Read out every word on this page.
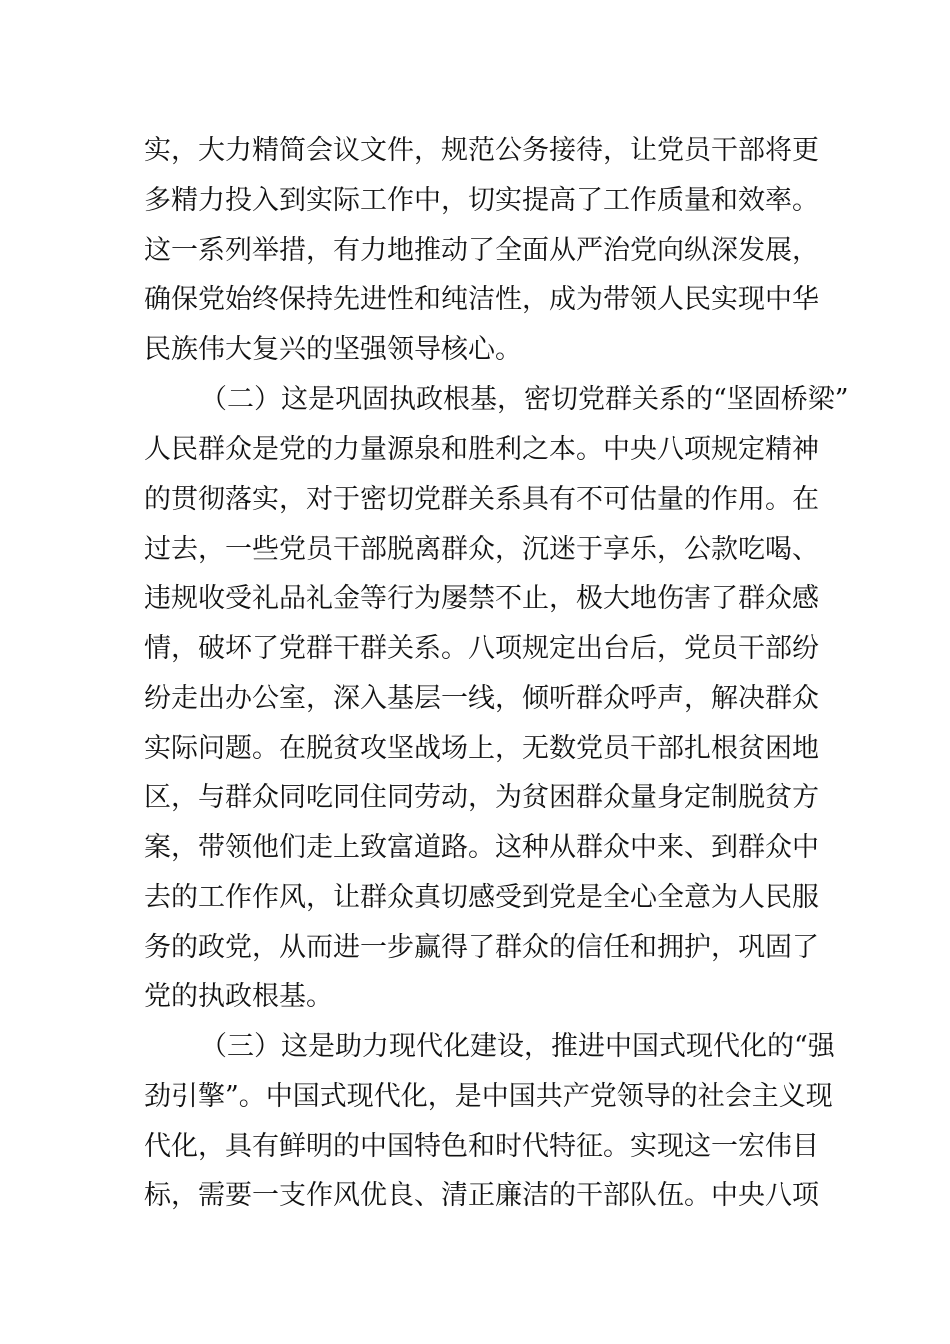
实，大力精简会议文件，规范公务接待，让党员干部将更
多精力投入到实际工作中，切实提高了工作质量和效率。
这一系列举措，有力地推动了全面从严治党向纵深发展，
确保党始终保持先进性和纯洁性，成为带领人民实现中华
民族伟大复兴的坚强领导核心。
（二）这是巩固执政根基，密切党群关系的“坚固桥梁”
人民群众是党的力量源泉和胜利之本。中央八项规定精神
的贯彻落实，对于密切党群关系具有不可估量的作用。在
过去，一些党员干部脱离群众，沉迷于享乐，公款吃喝、
违规收受礼品礼金等行为屡禁不止，极大地伤害了群众感
情，破坏了党群干群关系。八项规定出台后，党员干部纷
纷走出办公室，深入基层一线，倾听群众呼声，解决群众
实际问题。在脱贫攻坚战场上，无数党员干部扎根贫困地
区，与群众同吃同住同劳动，为贫困群众量身定制脱贫方
案，带领他们走上致富道路。这种从群众中来、到群众中
去的工作作风，让群众真切感受到党是全心全意为人民服
务的政党，从而进一步赢得了群众的信任和拥护，巩固了
党的执政根基。
（三）这是助力现代化建设，推进中国式现代化的“强
劲引擎”。中国式现代化，是中国共产党领导的社会主义现
代化，具有鲜明的中国特色和时代特征。实现这一宏伟目
标，需要一支作风优良、清正廉洁的干部队伍。中央八项
